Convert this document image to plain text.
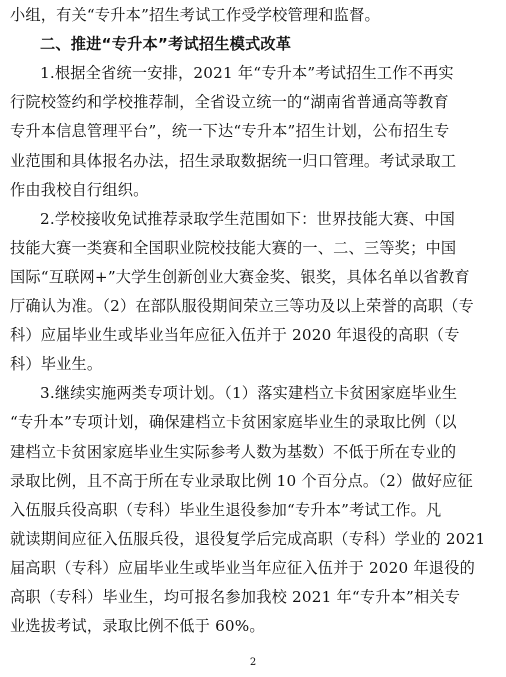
小组，有关“专升本”招生考试工作受学校管理和监督。
二、推进“专升本”考试招生模式改革
1.根据全省统一安排，2021 年“专升本”考试招生工作不再实
行院校签约和学校推荐制，全省设立统一的“湖南省普通高等教育
专升本信息管理平台”，统一下达“专升本”招生计划，公布招生专
业范围和具体报名办法，招生录取数据统一归口管理。考试录取工
作由我校自行组织。
2.学校接收免试推荐录取学生范围如下：世界技能大赛、中国
技能大赛一类赛和全国职业院校技能大赛的一、二、三等奖；中国
国际“互联网+”大学生创新创业大赛金奖、银奖，具体名单以省教育
厅确认为准。（2）在部队服役期间荣立三等功及以上荣誉的高职（专
科）应届毕业生或毕业当年应征入伍并于 2020 年退役的高职（专
科）毕业生。
3.继续实施两类专项计划。（1）落实建档立卡贫困家庭毕业生
“专升本”专项计划，确保建档立卡贫困家庭毕业生的录取比例（以
建档立卡贫困家庭毕业生实际参考人数为基数）不低于所在专业的
录取比例，且不高于所在专业录取比例 10 个百分点。（2）做好应征
入伍服兵役高职（专科）毕业生退役参加“专升本”考试工作。凡
就读期间应征入伍服兵役，退役复学后完成高职（专科）学业的 2021
届高职（专科）应届毕业生或毕业当年应征入伍并于 2020 年退役的
高职（专科）毕业生，均可报名参加我校 2021 年“专升本”相关专
业选拔考试，录取比例不低于 60%。
2
